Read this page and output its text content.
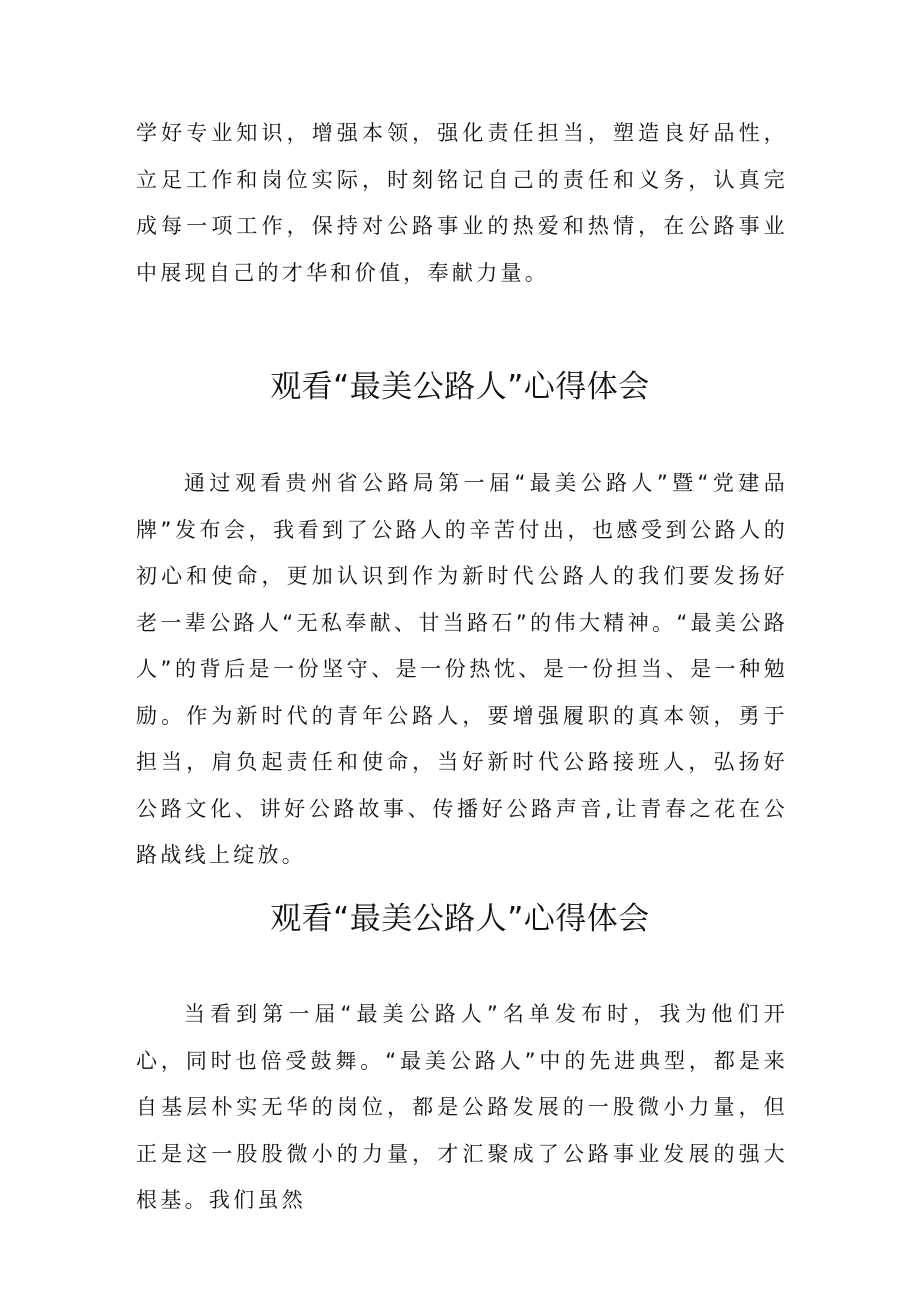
学好专业知识，增强本领，强化责任担当，塑造良好品性，立足工作和岗位实际，时刻铭记自己的责任和义务，认真完成每一项工作，保持对公路事业的热爱和热情，在公路事业中展现自己的才华和价值，奉献力量。

观看“最美公路人”心得体会

通过观看贵州省公路局第一届“最美公路人”暨“党建品牌”发布会，我看到了公路人的辛苦付出，也感受到公路人的初心和使命，更加认识到作为新时代公路人的我们要发扬好老一辈公路人“无私奉献、甘当路石”的伟大精神。“最美公路人”的背后是一份坚守、是一份热忱、是一份担当、是一种勉励。作为新时代的青年公路人，要增强履职的真本领，勇于担当，肩负起责任和使命，当好新时代公路接班人，弘扬好公路文化、讲好公路故事、传播好公路声音,让青春之花在公路战线上绽放。

观看“最美公路人”心得体会

当看到第一届“最美公路人”名单发布时，我为他们开心，同时也倍受鼓舞。“最美公路人”中的先进典型，都是来自基层朴实无华的岗位，都是公路发展的一股微小力量，但正是这一股股微小的力量，才汇聚成了公路事业发展的强大根基。我们虽然
